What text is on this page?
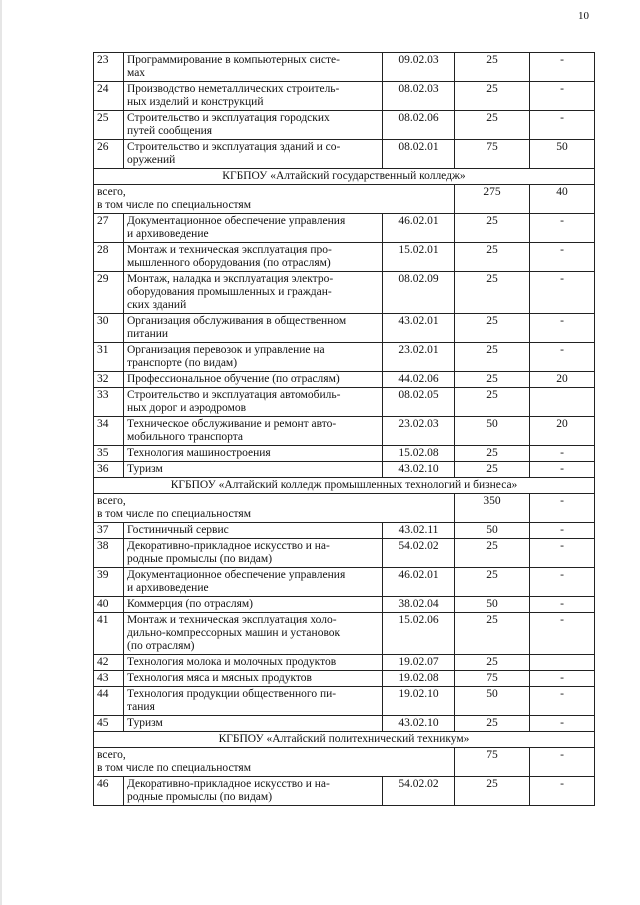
10
23	Программирование в компьютерных систе-
мах	09.02.03	25	-
24	Производство неметаллических строитель-
ных изделий и конструкций	08.02.03	25	-
25	Строительство и эксплуатация городских
путей сообщения	08.02.06	25	-
26	Строительство и эксплуатация зданий и со-
оружений	08.02.01	75	50
КГБПОУ «Алтайский государственный колледж»				
всего,
в том числе по специальностям			275	40
27	Документационное обеспечение управления
и архивоведение	46.02.01	25	-
28	Монтаж и техническая эксплуатация про-
мышленного оборудования (по отраслям)	15.02.01	25	-
29	Монтаж, наладка и эксплуатация электро-
оборудования промышленных и граждан-
ских зданий	08.02.09	25	-
30	Организация обслуживания в общественном
питании	43.02.01	25	-
31	Организация перевозок и управление на
транспорте (по видам)	23.02.01	25	-
32	Профессиональное обучение (по отраслям)	44.02.06	25	20
33	Строительство и эксплуатация автомобиль-
ных дорог и аэродромов	08.02.05	25	
34	Техническое обслуживание и ремонт авто-
мобильного транспорта	23.02.03	50	20
35	Технология машиностроения	15.02.08	25	-
36	Туризм	43.02.10	25	-
КГБПОУ «Алтайский колледж промышленных технологий и бизнеса»				
всего,
в том числе по специальностям			350	-
37	Гостиничный сервис	43.02.11	50	-
38	Декоративно-прикладное искусство и на-
родные промыслы (по видам)	54.02.02	25	-
39	Документационное обеспечение управления
и архивоведение	46.02.01	25	-
40	Коммерция (по отраслям)	38.02.04	50	-
41	Монтаж и техническая эксплуатация холо-
дильно-компрессорных машин и установок
(по отраслям)	15.02.06	25	-
42	Технология молока и молочных продуктов	19.02.07	25	
43	Технология мяса и мясных продуктов	19.02.08	75	-
44	Технология продукции общественного пи-
тания	19.02.10	50	-
45	Туризм	43.02.10	25	-
КГБПОУ «Алтайский политехнический техникум»				
всего,
в том числе по специальностям			75	-
46	Декоративно-прикладное искусство и на-
родные промыслы (по видам)	54.02.02	25	-
